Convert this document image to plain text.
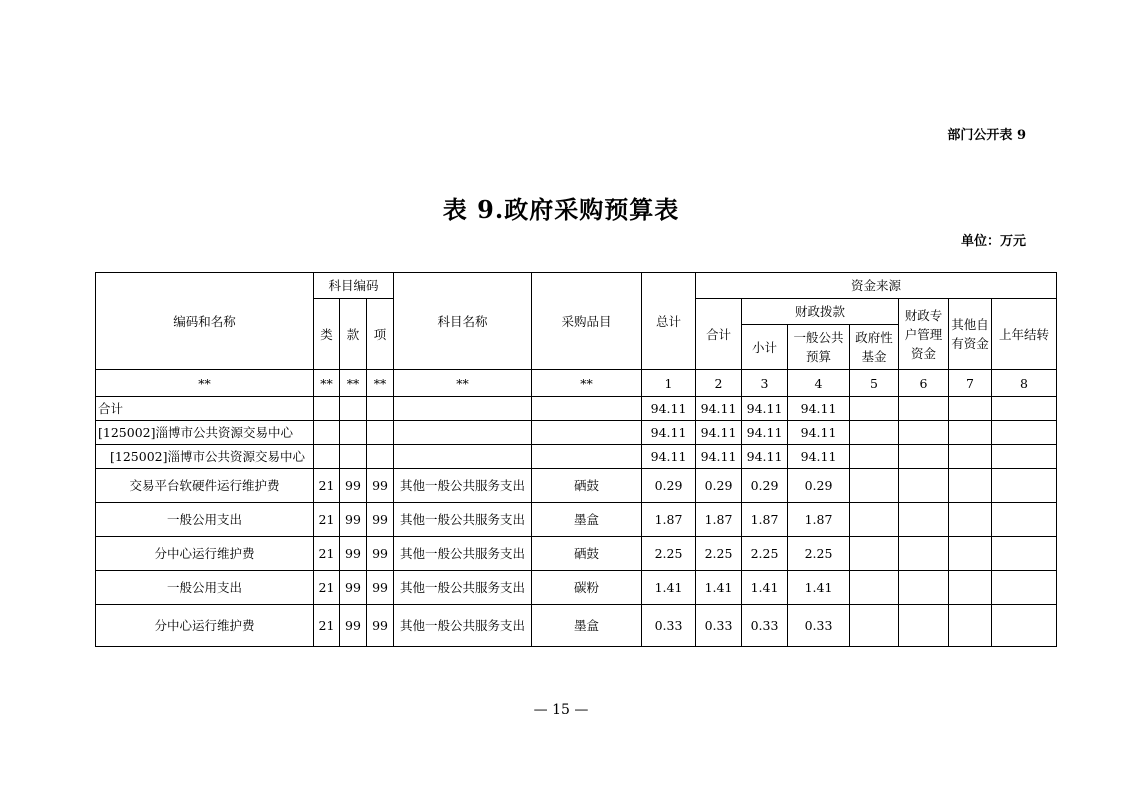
部门公开表 9
表 9.政府采购预算表
单位：万元
编码和名称	科目编码			科目名称	采购品目	总计	资金来源						
	类	款	项				合计	财政拨款			财政专户管理资金	其他自有资金	上年结转
								小计	一般公共预算	政府性基金			
**	**	**	**	**	**	1	2	3	4	5	6	7	8
合计						94.11	94.11	94.11	94.11				
[125002]淄博市公共资源交易中心						94.11	94.11	94.11	94.11				
[125002]淄博市公共资源交易中心						94.11	94.11	94.11	94.11				
交易平台软硬件运行维护费	21	99	99	其他一般公共服务支出	硒鼓	0.29	0.29	0.29	0.29				
一般公用支出	21	99	99	其他一般公共服务支出	墨盒	1.87	1.87	1.87	1.87				
分中心运行维护费	21	99	99	其他一般公共服务支出	硒鼓	2.25	2.25	2.25	2.25				
一般公用支出	21	99	99	其他一般公共服务支出	碳粉	1.41	1.41	1.41	1.41				
分中心运行维护费	21	99	99	其他一般公共服务支出	墨盒	0.33	0.33	0.33	0.33				
— 15 —
